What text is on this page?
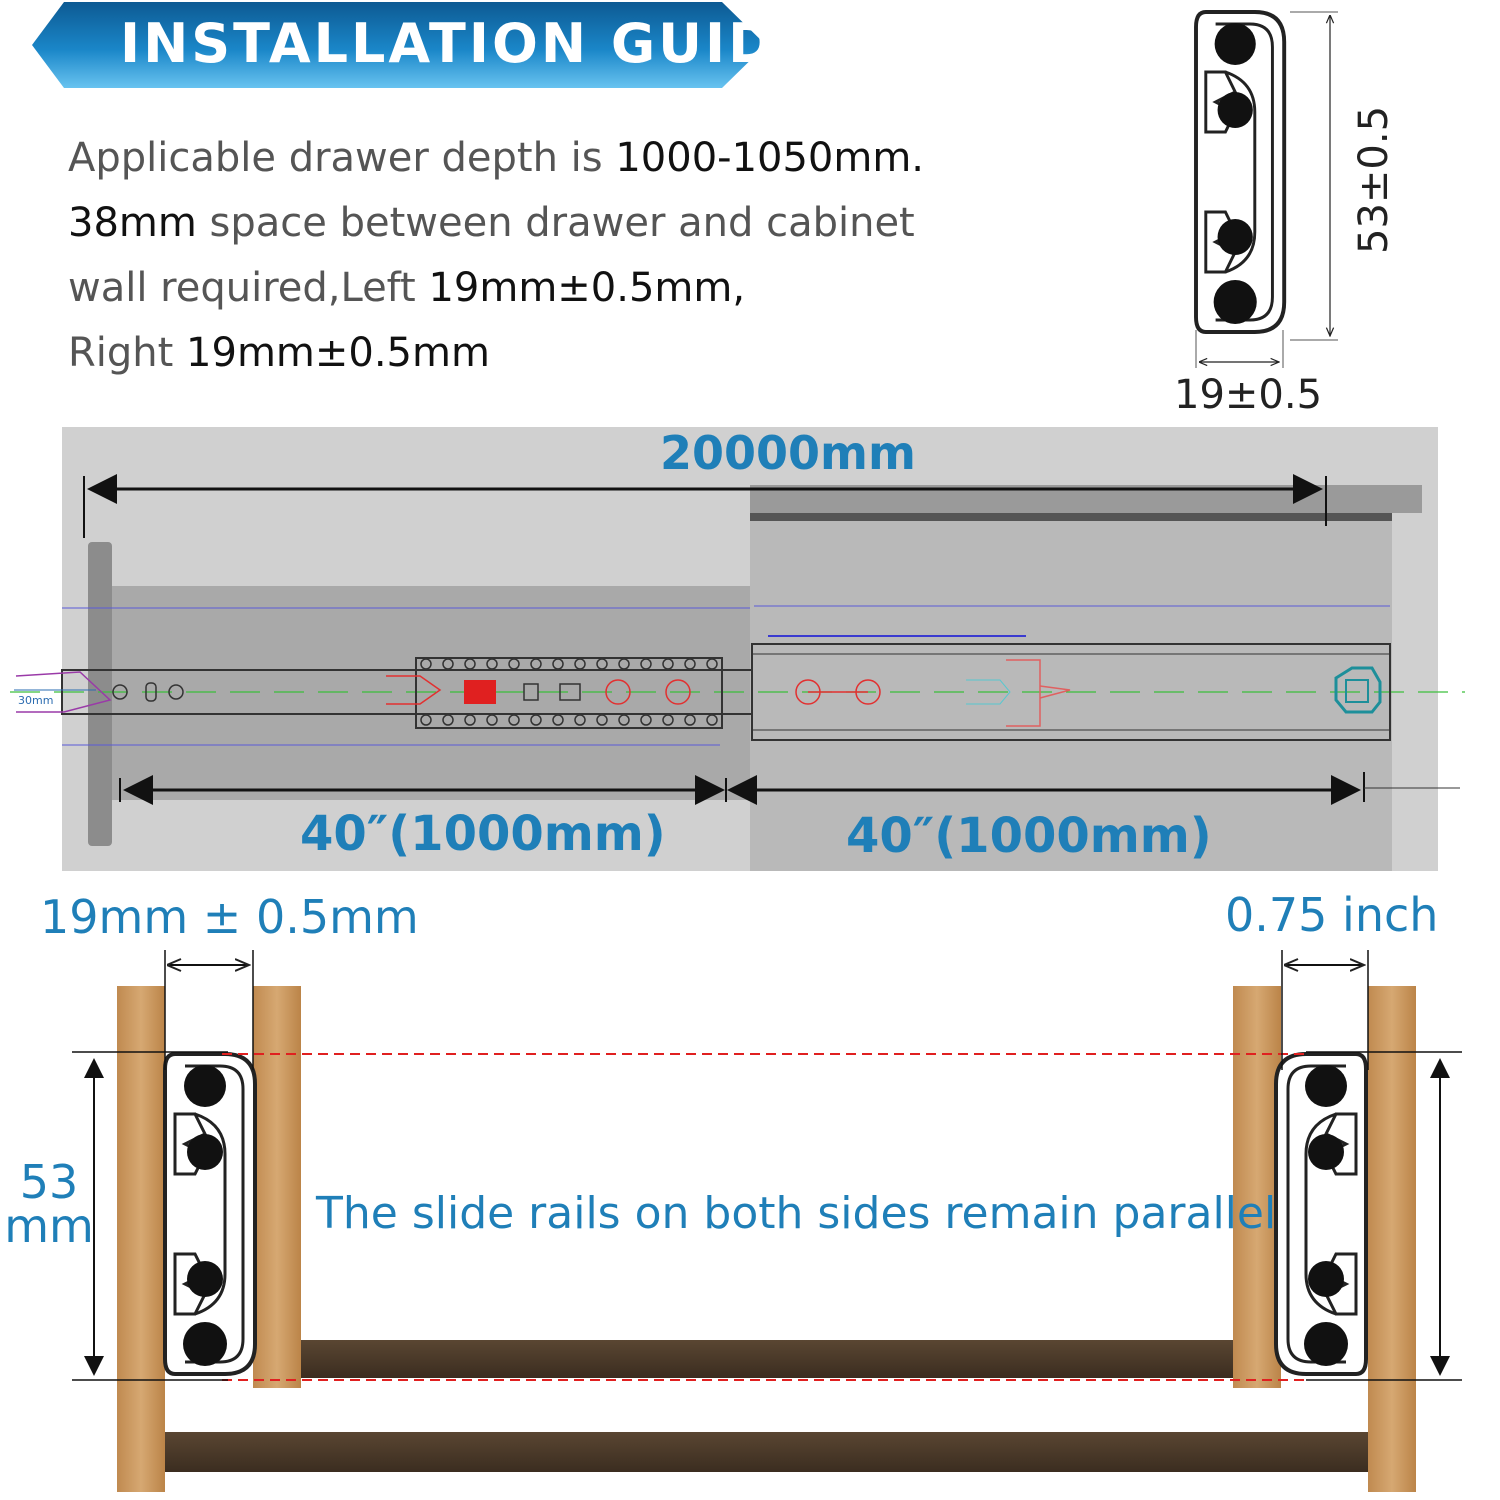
INSTALLATION GUIDE:
Applicable drawer depth is 1000-1050mm.
38mm space between drawer and cabinet
wall required,Left 19mm±0.5mm,
Right 19mm±0.5mm
19±0.5
53±0.5
20000mm
30mm
40″(1000mm)	40″(1000mm)
19mm ± 0.5mm	0.75 inch
53
mm	The slide rails on both sides remain parallel
